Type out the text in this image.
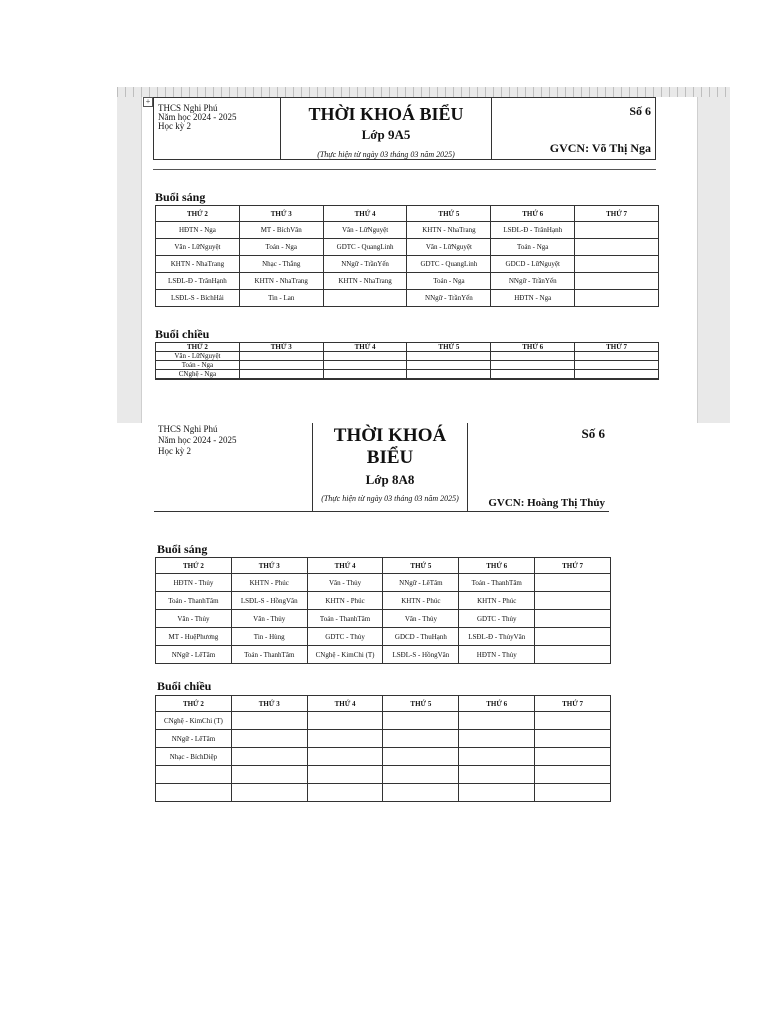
+
THCS Nghi Phú
Năm học 2024 - 2025
Học kỳ 2

THỜI KHOÁ BIỂU
Lớp 9A5
(Thực hiện từ ngày 03 tháng 03 năm 2025)

Số 6
GVCN: Võ Thị Nga
Buổi sáng
THỨ 2	THỨ 3	THỨ 4	THỨ 5	THỨ 6	THỨ 7
HĐTN - Nga	MT - BíchVân	Văn - LữNguyệt	KHTN - NhaTrang	LSĐL-Đ - TrânHạnh	
Văn - LữNguyệt	Toán - Nga	GDTC - QuangLinh	Văn - LữNguyệt	Toán - Nga	
KHTN - NhaTrang	Nhạc - Thắng	NNgữ - TrầnYến	GDTC - QuangLinh	GDCD - LữNguyệt	
LSĐL-Đ - TrânHạnh	KHTN - NhaTrang	KHTN - NhaTrang	Toán - Nga	NNgữ - TrầnYến	
LSĐL-S - BíchHải	Tin - Lan		NNgữ - TrầnYến	HĐTN - Nga	
Buổi chiều
THỨ 2	THỨ 3	THỨ 4	THỨ 5	THỨ 6	THỨ 7
Văn - LữNguyệt					
Toán - Nga					
CNghệ - Nga					

THCS Nghi Phú
Năm học 2024 - 2025
Học kỳ 2

THỜI KHOÁ BIỂU
Lớp 8A8
(Thực hiện từ ngày 03 tháng 03 năm 2025)

Số 6
GVCN: Hoàng Thị Thủy
Buổi sáng
THỨ 2	THỨ 3	THỨ 4	THỨ 5	THỨ 6	THỨ 7
HĐTN - Thủy	KHTN - Phúc	Văn - Thủy	NNgữ - LêTâm	Toán - ThanhTâm	
Toán - ThanhTâm	LSĐL-S - HồngVân	KHTN - Phúc	KHTN - Phúc	KHTN - Phúc	
Văn - Thủy	Văn - Thủy	Toán - ThanhTâm	Văn - Thủy	GDTC - Thủy	
MT - HuệPhương	Tin - Hùng	GDTC - Thủy	GDCD - ThuHạnh	LSĐL-Đ - ThủyVân	
NNgữ - LêTâm	Toán - ThanhTâm	CNghệ - KimChi (T)	LSĐL-S - HồngVân	HĐTN - Thủy	
Buổi chiều
THỨ 2	THỨ 3	THỨ 4	THỨ 5	THỨ 6	THỨ 7
CNghệ - KimChi (T)					
NNgữ - LêTâm					
Nhạc - BíchDiệp					
